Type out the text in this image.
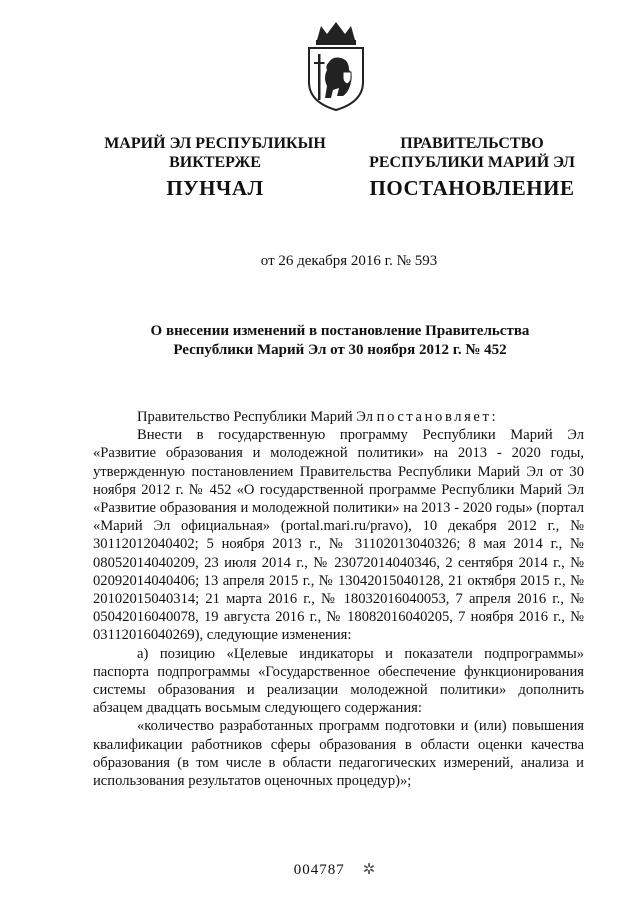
МАРИЙ ЭЛ РЕСПУБЛИКЫН
ВИКТЕРЖЕ
ПРАВИТЕЛЬСТВО
РЕСПУБЛИКИ МАРИЙ ЭЛ
ПУНЧАЛ	ПОСТАНОВЛЕНИЕ
от 26 декабря 2016 г. № 593
О внесении изменений в постановление Правительства
Республики Марий Эл от 30 ноября 2012 г. № 452

Правительство Республики Марий Эл постановляет:

Внести в государственную программу Республики Марий Эл «Развитие образования и молодежной политики» на 2013 - 2020 годы, утвержденную постановлением Правительства Республики Марий Эл от 30 ноября 2012 г. № 452 «О государственной программе Республики Марий Эл «Развитие образования и молодежной политики» на 2013 - 2020 годы» (портал «Марий Эл официальная» (portal.mari.ru/pravo), 10 декабря 2012 г., № 30112012040402; 5 ноября 2013 г., № 31102013040326; 8 мая 2014 г., № 08052014040209, 23 июля 2014 г., № 23072014040346, 2 сентября 2014 г., № 02092014040406; 13 апреля 2015 г., № 13042015040128, 21 октября 2015 г., № 20102015040314; 21 марта 2016 г., № 18032016040053, 7 апреля 2016 г., № 05042016040078, 19 августа 2016 г., № 18082016040205, 7 ноября 2016 г., № 03112016040269), следующие изменения:

а) позицию «Целевые индикаторы и показатели подпрограммы» паспорта подпрограммы «Государственное обеспечение функционирования системы образования и реализации молодежной политики» дополнить абзацем двадцать восьмым следующего содержания:

«количество разработанных программ подготовки и (или) повышения квалификации работников сферы образования в области оценки качества образования (в том числе в области педагогических измерений, анализа и использования результатов оценочных процедур)»;

004787 ✲
